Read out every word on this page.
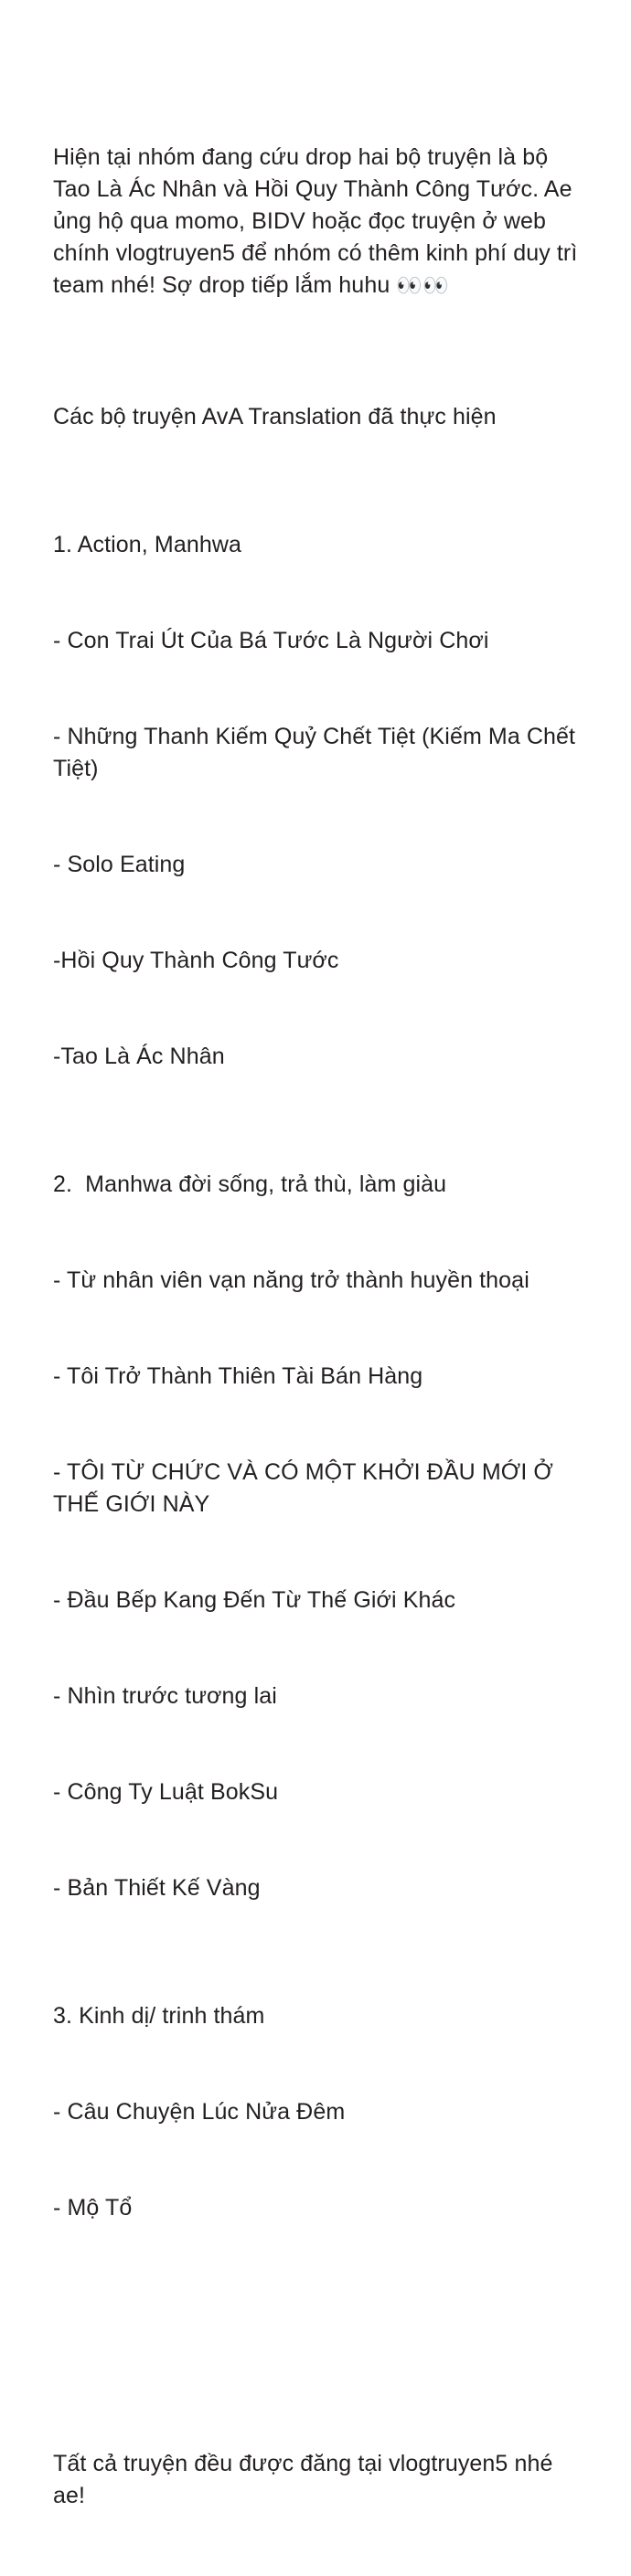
Hiện tại nhóm đang cứu drop hai bộ truyện là bộ Tao Là Ác Nhân và Hồi Quy Thành Công Tước. Ae ủng hộ qua momo, BIDV hoặc đọc truyện ở web chính vlogtruyen5 để nhóm có thêm kinh phí duy trì team nhé! Sợ drop tiếp lắm huhu 👀👀

Các bộ truyện AvA Translation đã thực hiện

1. Action, Manhwa

- Con Trai Út Của Bá Tước Là Người Chơi

- Những Thanh Kiếm Quỷ Chết Tiệt (Kiếm Ma Chết Tiệt)

- Solo Eating

-Hồi Quy Thành Công Tước

-Tao Là Ác Nhân

2.  Manhwa đời sống, trả thù, làm giàu

- Từ nhân viên vạn năng trở thành huyền thoại

- Tôi Trở Thành Thiên Tài Bán Hàng

- TÔI TỪ CHỨC VÀ CÓ MỘT KHỞI ĐẦU MỚI Ở THẾ GIỚI NÀY

- Đầu Bếp Kang Đến Từ Thế Giới Khác

- Nhìn trước tương lai

- Công Ty Luật BokSu

- Bản Thiết Kế Vàng

3. Kinh dị/ trinh thám

- Câu Chuyện Lúc Nửa Đêm

- Mộ Tổ

Tất cả truyện đều được đăng tại vlogtruyen5 nhé ae!
